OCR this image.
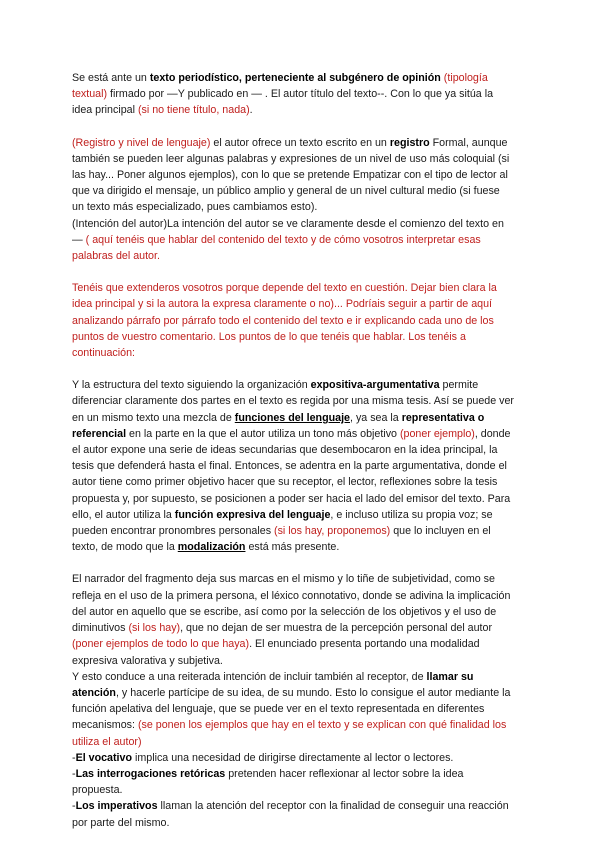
Se está ante un texto periodístico, perteneciente al subgénero de opinión (tipología textual) firmado por —Y publicado en — . El autor título del texto--. Con lo que ya sitúa la idea principal (si no tiene título, nada).

(Registro y nivel de lenguaje) el autor ofrece un texto escrito en un registro Formal, aunque también se pueden leer algunas palabras y expresiones de un nivel de uso más coloquial (si las hay... Poner algunos ejemplos), con lo que se pretende Empatizar con el tipo de lector al que va dirigido el mensaje, un público amplio y general de un nivel cultural medio (si fuese un texto más especializado, pues cambiamos esto).

(Intención del autor)La intención del autor se ve claramente desde el comienzo del texto en — ( aquí tenéis que hablar del contenido del texto y de cómo vosotros interpretar esas palabras del autor.

Tenéis que extenderos vosotros porque depende del texto en cuestión. Dejar bien clara la idea principal y si la autora la expresa claramente o no)... Podríais seguir a partir de aquí analizando párrafo por párrafo todo el contenido del texto e ir explicando cada uno de los puntos de vuestro comentario. Los puntos de lo que tenéis que hablar. Los tenéis a continuación:

Y la estructura del texto siguiendo la organización expositiva-argumentativa permite diferenciar claramente dos partes en el texto es regida por una misma tesis. Así se puede ver en un mismo texto una mezcla de funciones del lenguaje, ya sea la representativa o referencial en la parte en la que el autor utiliza un tono más objetivo (poner ejemplo), donde el autor expone una serie de ideas secundarias que desembocaron en la idea principal, la tesis que defenderá hasta el final. Entonces, se adentra en la parte argumentativa, donde el autor tiene como primer objetivo hacer que su receptor, el lector, reflexiones sobre la tesis propuesta y, por supuesto, se posicionen a poder ser hacia el lado del emisor del texto. Para ello, el autor utiliza la función expresiva del lenguaje, e incluso utiliza su propia voz; se pueden encontrar pronombres personales (si los hay, proponemos) que lo incluyen en el texto, de modo que la modalización está más presente.

El narrador del fragmento deja sus marcas en el mismo y lo tiñe de subjetividad, como se refleja en el uso de la primera persona, el léxico connotativo, donde se adivina la implicación del autor en aquello que se escribe, así como por la selección de los objetivos y el uso de diminutivos (si los hay), que no dejan de ser muestra de la percepción personal del autor (poner ejemplos de todo lo que haya). El enunciado presenta portando una modalidad expresiva valorativa y subjetiva.

Y esto conduce a una reiterada intención de incluir también al receptor, de llamar su atención, y hacerle partícipe de su idea, de su mundo. Esto lo consigue el autor mediante la función apelativa del lenguaje, que se puede ver en el texto representada en diferentes mecanismos: (se ponen los ejemplos que hay en el texto y se explican con qué finalidad los utiliza el autor)

-El vocativo implica una necesidad de dirigirse directamente al lector o lectores.

-Las interrogaciones retóricas pretenden hacer reflexionar al lector sobre la idea propuesta.

-Los imperativos llaman la atención del receptor con la finalidad de conseguir una reacción por parte del mismo.
